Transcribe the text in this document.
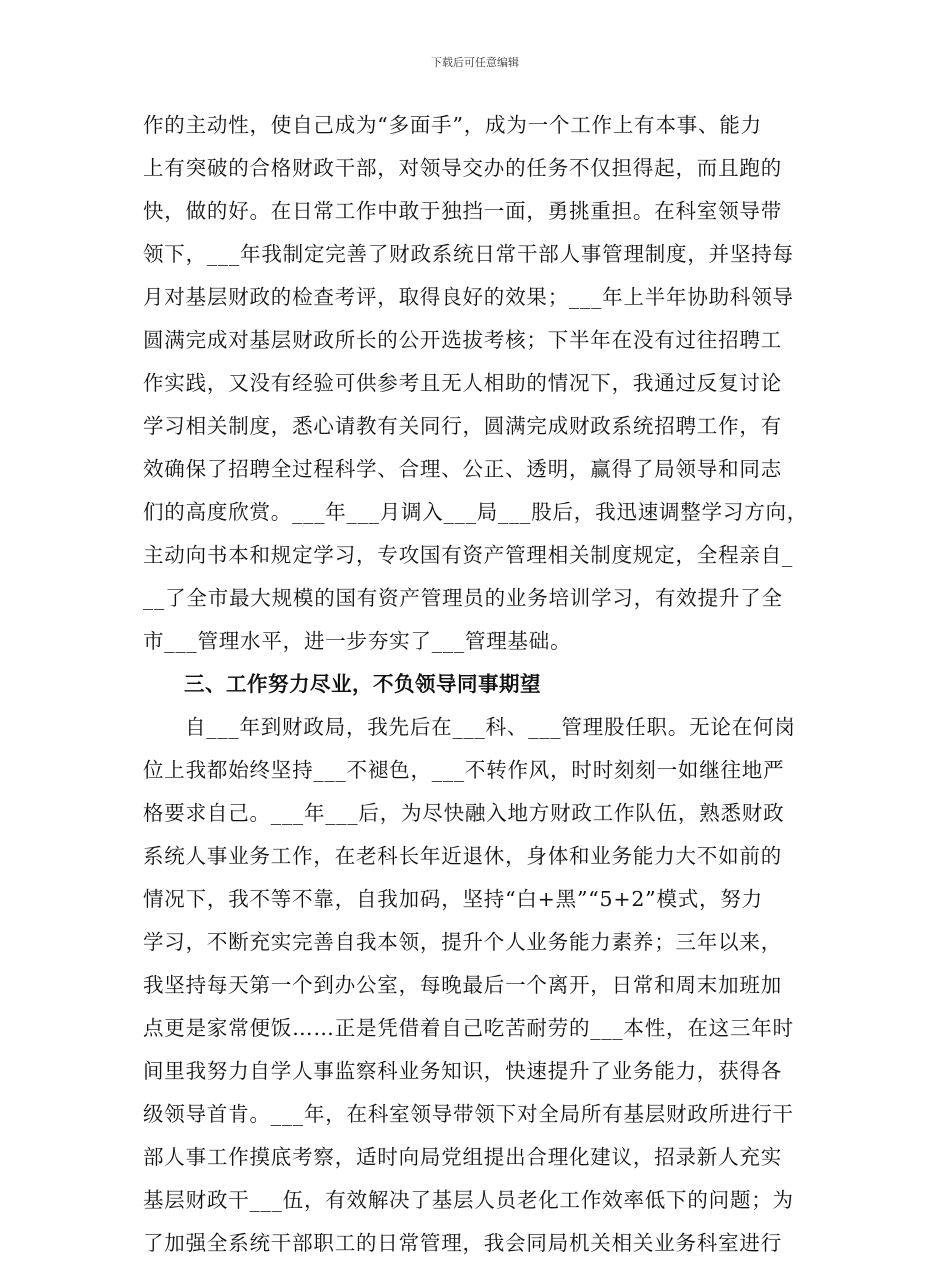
下载后可任意编辑
作的主动性，使自己成为“多面手”，成为一个工作上有本事、能力
上有突破的合格财政干部，对领导交办的任务不仅担得起，而且跑的
快，做的好。在日常工作中敢于独挡一面，勇挑重担。在科室领导带
领下，___年我制定完善了财政系统日常干部人事管理制度，并坚持每
月对基层财政的检查考评，取得良好的效果；___年上半年协助科领导
圆满完成对基层财政所长的公开选拔考核；下半年在没有过往招聘工
作实践，又没有经验可供参考且无人相助的情况下，我通过反复讨论
学习相关制度，悉心请教有关同行，圆满完成财政系统招聘工作，有
效确保了招聘全过程科学、合理、公正、透明，赢得了局领导和同志
们的高度欣赏。___年___月调入___局___股后，我迅速调整学习方向，
主动向书本和规定学习，专攻国有资产管理相关制度规定，全程亲自_
__了全市最大规模的国有资产管理员的业务培训学习，有效提升了全
市___管理水平，进一步夯实了___管理基础。
三、工作努力尽业，不负领导同事期望
自___年到财政局，我先后在___科、___管理股任职。无论在何岗
位上我都始终坚持___不褪色，___不转作风，时时刻刻一如继往地严
格要求自己。___年___后，为尽快融入地方财政工作队伍，熟悉财政
系统人事业务工作，在老科长年近退休，身体和业务能力大不如前的
情况下，我不等不靠，自我加码，坚持“白+黑”“5+2”模式，努力
学习，不断充实完善自我本领，提升个人业务能力素养；三年以来，
我坚持每天第一个到办公室，每晚最后一个离开，日常和周末加班加
点更是家常便饭……正是凭借着自己吃苦耐劳的___本性，在这三年时
间里我努力自学人事监察科业务知识，快速提升了业务能力，获得各
级领导首肯。___年，在科室领导带领下对全局所有基层财政所进行干
部人事工作摸底考察，适时向局党组提出合理化建议，招录新人充实
基层财政干___伍，有效解决了基层人员老化工作效率低下的问题；为
了加强全系统干部职工的日常管理，我会同局机关相关业务科室进行
